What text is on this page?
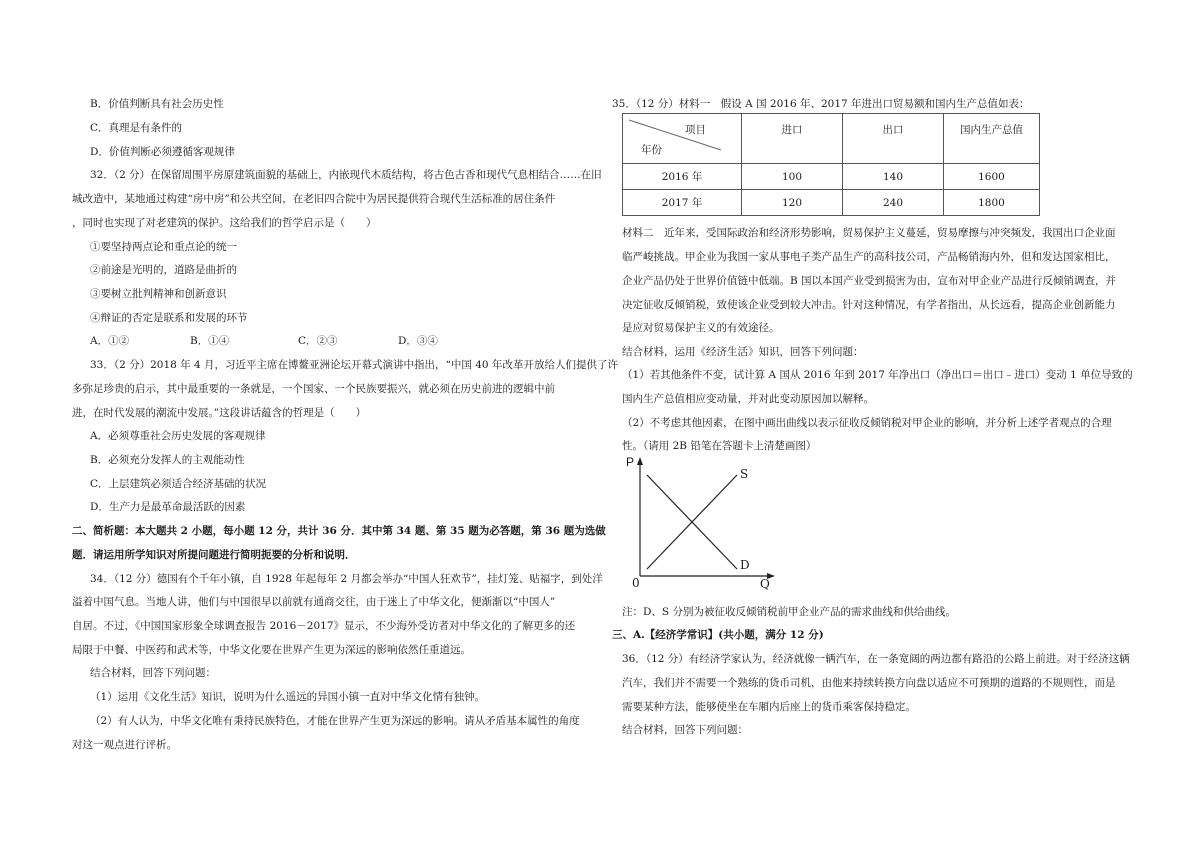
B．价值判断具有社会历史性
C．真理是有条件的
D．价值判断必须遵循客观规律
32．（2 分）在保留周围平房原建筑面貌的基础上，内嵌现代木质结构，将古色古香和现代气息相结合……在旧
城改造中，某地通过构建“房中房”和公共空间，在老旧四合院中为居民提供符合现代生活标准的居住条件
，同时也实现了对老建筑的保护。这给我们的哲学启示是（　　）
①要坚持两点论和重点论的统一
②前途是光明的，道路是曲折的
③要树立批判精神和创新意识
④辩证的否定是联系和发展的环节
A．①②	B．①④	C．②③	D．③④
33．（2 分）2018 年 4 月，习近平主席在博鳌亚洲论坛开幕式演讲中指出，“中国 40 年改革开放给人们提供了许
多弥足珍贵的启示，其中最重要的一条就是，一个国家、一个民族要振兴，就必须在历史前进的逻辑中前
进，在时代发展的潮流中发展。”这段讲话蕴含的哲理是（　　）
A．必须尊重社会历史发展的客观规律
B．必须充分发挥人的主观能动性
C．上层建筑必须适合经济基础的状况
D．生产力是最革命最活跃的因素
二、简析题：本大题共 2 小题，每小题 12 分，共计 36 分．其中第 34 题、第 35 题为必答题，第 36 题为选做
题．请运用所学知识对所提问题进行简明扼要的分析和说明．
34．（12 分）德国有个千年小镇，自 1928 年起每年 2 月都会举办“中国人狂欢节”，挂灯笼、贴福字，到处洋
溢着中国气息。当地人讲，他们与中国很早以前就有通商交往，由于迷上了中华文化，便渐渐以“中国人”
自居。不过，《中国国家形象全球调查报告 2016－2017》显示，不少海外受访者对中华文化的了解更多的还
局限于中餐、中医药和武术等，中华文化要在世界产生更为深远的影响依然任重道远。
结合材料，回答下列问题：
（1）运用《文化生活》知识，说明为什么遥远的异国小镇一直对中华文化情有独钟。
（2）有人认为，中华文化唯有秉持民族特色，才能在世界产生更为深远的影响。请从矛盾基本属性的角度
对这一观点进行评析。
35．（12 分）材料一　假设 A 国 2016 年、2017 年进出口贸易额和国内生产总值如表：
项目
年份	进口	出口	国内生产总值
2016 年	100	140	1600
2017 年	120	240	1800
材料二　近年来，受国际政治和经济形势影响，贸易保护主义蔓延，贸易摩擦与冲突频发，我国出口企业面
临严峻挑战。甲企业为我国一家从事电子类产品生产的高科技公司，产品畅销海内外，但和发达国家相比，
企业产品仍处于世界价值链中低端。B 国以本国产业受到损害为由，宣布对甲企业产品进行反倾销调查，并
决定征收反倾销税，致使该企业受到较大冲击。针对这种情况，有学者指出，从长远看，提高企业创新能力
是应对贸易保护主义的有效途径。
结合材料，运用《经济生活》知识，回答下列问题：
（1）若其他条件不变，试计算 A 国从 2016 年到 2017 年净出口（净出口＝出口﹣进口）变动 1 单位导致的
国内生产总值相应变动量，并对此变动原因加以解释。
（2）不考虑其他因素，在图中画出曲线以表示征收反倾销税对甲企业的影响，并分析上述学者观点的合理
性。（请用 2B 铅笔在答题卡上清楚画图）
P
S
D
0	Q
注：D、S 分别为被征收反倾销税前甲企业产品的需求曲线和供给曲线。
三、A.【经济学常识】(共小题，满分 12 分)
36．（12 分）有经济学家认为，经济就像一辆汽车，在一条宽阔的两边都有路沿的公路上前进。对于经济这辆
汽车，我们并不需要一个熟练的货币司机，由他来持续转换方向盘以适应不可预期的道路的不规则性，而是
需要某种方法，能够使坐在车厢内后座上的货币乘客保持稳定。
结合材料，回答下列问题：
